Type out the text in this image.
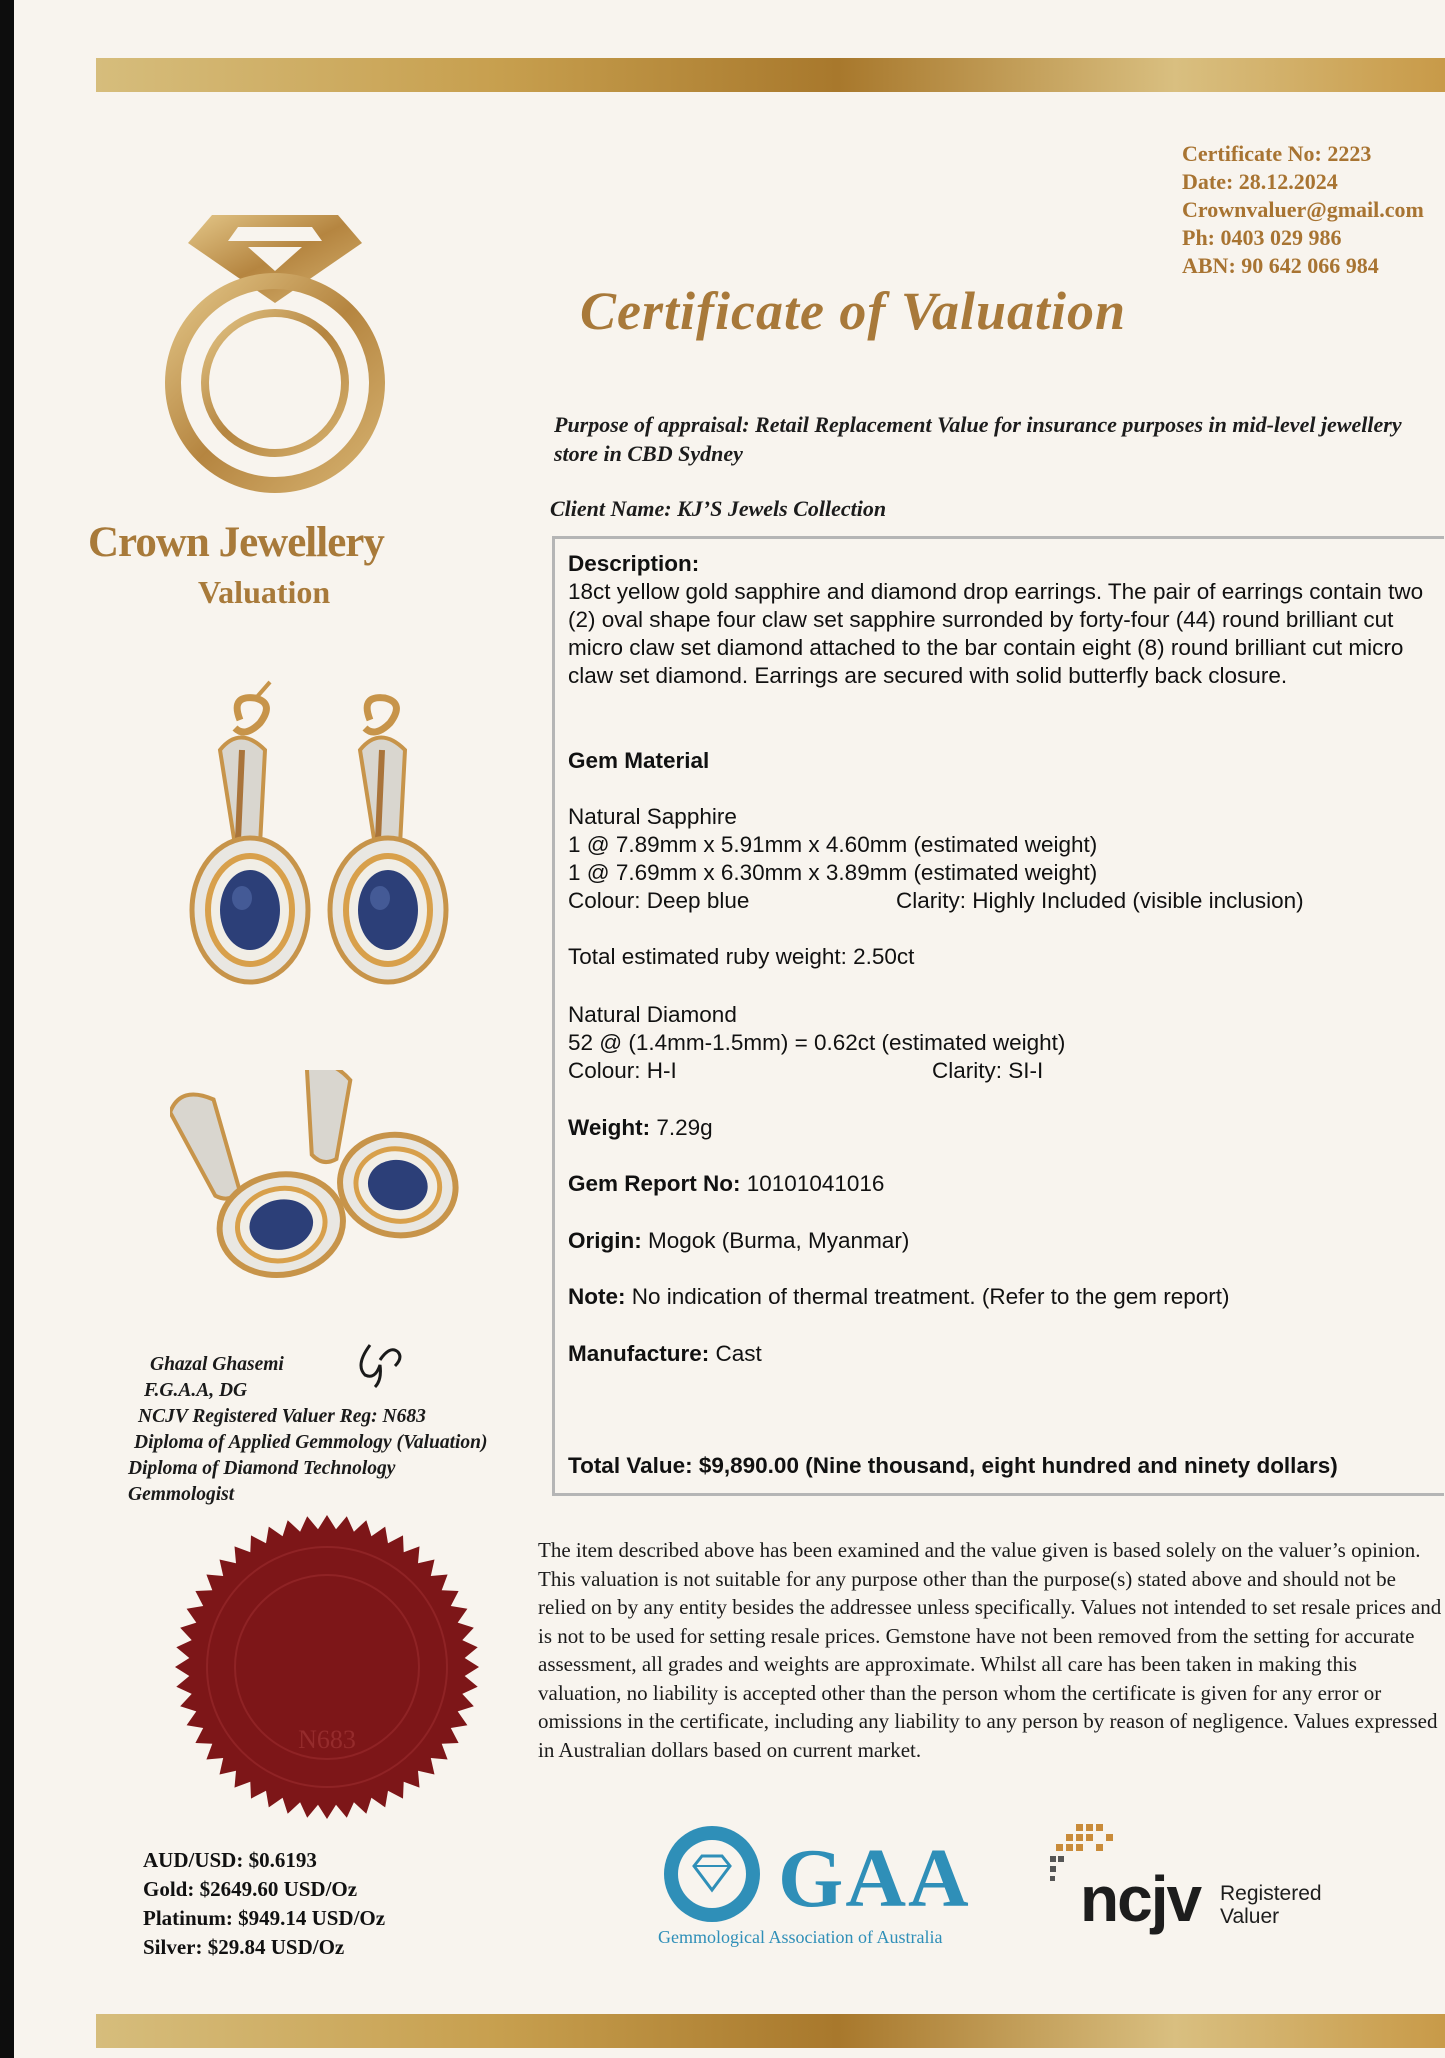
Certificate No: 2223
Date: 28.12.2024
Crownvaluer@gmail.com
Ph: 0403 029 986
ABN: 90 642 066 984
Crown Jewellery
Valuation
Certificate of Valuation
Purpose of appraisal: Retail Replacement Value for insurance purposes in mid-level jewellery store in CBD Sydney
Client Name: KJ’S Jewels Collection
Description:
18ct yellow gold sapphire and diamond drop earrings. The pair of earrings contain two (2) oval shape four claw set sapphire surronded by forty-four (44) round brilliant cut micro claw set diamond attached to the bar contain eight (8) round brilliant cut micro claw set diamond. Earrings are secured with solid butterfly back closure.
Gem Material
Natural Sapphire
1 @ 7.89mm x 5.91mm x 4.60mm (estimated weight)
1 @ 7.69mm x 6.30mm x 3.89mm (estimated weight)
Colour: Deep blue	Clarity: Highly Included (visible inclusion)
Total estimated ruby weight: 2.50ct
Natural Diamond
52 @ (1.4mm-1.5mm) = 0.62ct (estimated weight)
Colour: H-I	Clarity: SI-I
Weight: 7.29g
Gem Report No: 10101041016
Origin: Mogok (Burma, Myanmar)
Note: No indication of thermal treatment. (Refer to the gem report)
Manufacture: Cast
Total Value: $9,890.00 (Nine thousand, eight hundred and ninety dollars)
The item described above has been examined and the value given is based solely on the valuer’s opinion. This valuation is not suitable for any purpose other than the purpose(s) stated above and should not be relied on by any entity besides the addressee unless specifically. Values not intended to set resale prices and is not to be used for setting resale prices. Gemstone have not been removed from the setting for accurate assessment, all grades and weights are approximate. Whilst all care has been taken in making this valuation, no liability is accepted other than the person whom the certificate is given for any error or omissions in the certificate, including any liability to any person by reason of negligence. Values expressed in Australian dollars based on current market.
Ghazal Ghasemi
F.G.A.A, DG
NCJV Registered Valuer Reg: N683
Diploma of Applied Gemmology (Valuation)
Diploma of Diamond Technology
Gemmologist
N683
AUD/USD: $0.6193
Gold: $2649.60 USD/Oz
Platinum: $949.14 USD/Oz
Silver: $29.84 USD/Oz
GAA
Gemmological Association of Australia
ncjv Registered
Valuer
